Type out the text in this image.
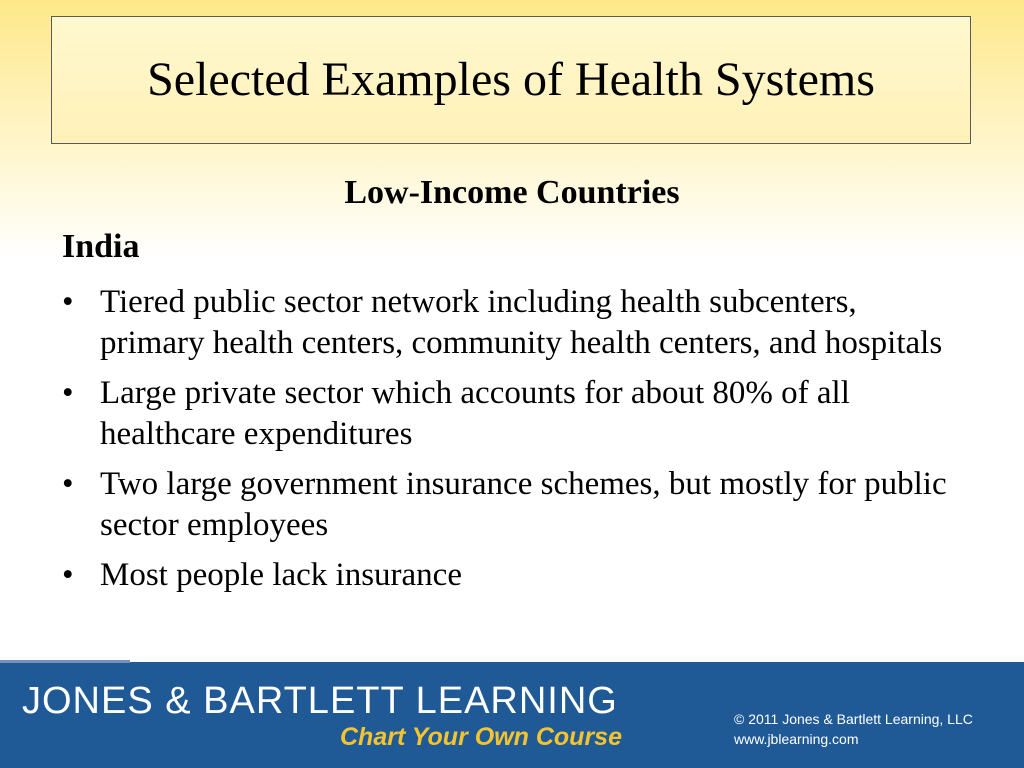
Selected Examples of Health Systems
Low-Income Countries
India
• Tiered public sector network including health subcenters, primary health centers, community health centers, and hospitals
• Large private sector which accounts for about 80% of all healthcare expenditures
• Two large government insurance schemes, but mostly for public sector employees
• Most people lack insurance
JONES & BARTLETT LEARNING
Chart Your Own Course
© 2011 Jones & Bartlett Learning, LLC
www.jblearning.com
